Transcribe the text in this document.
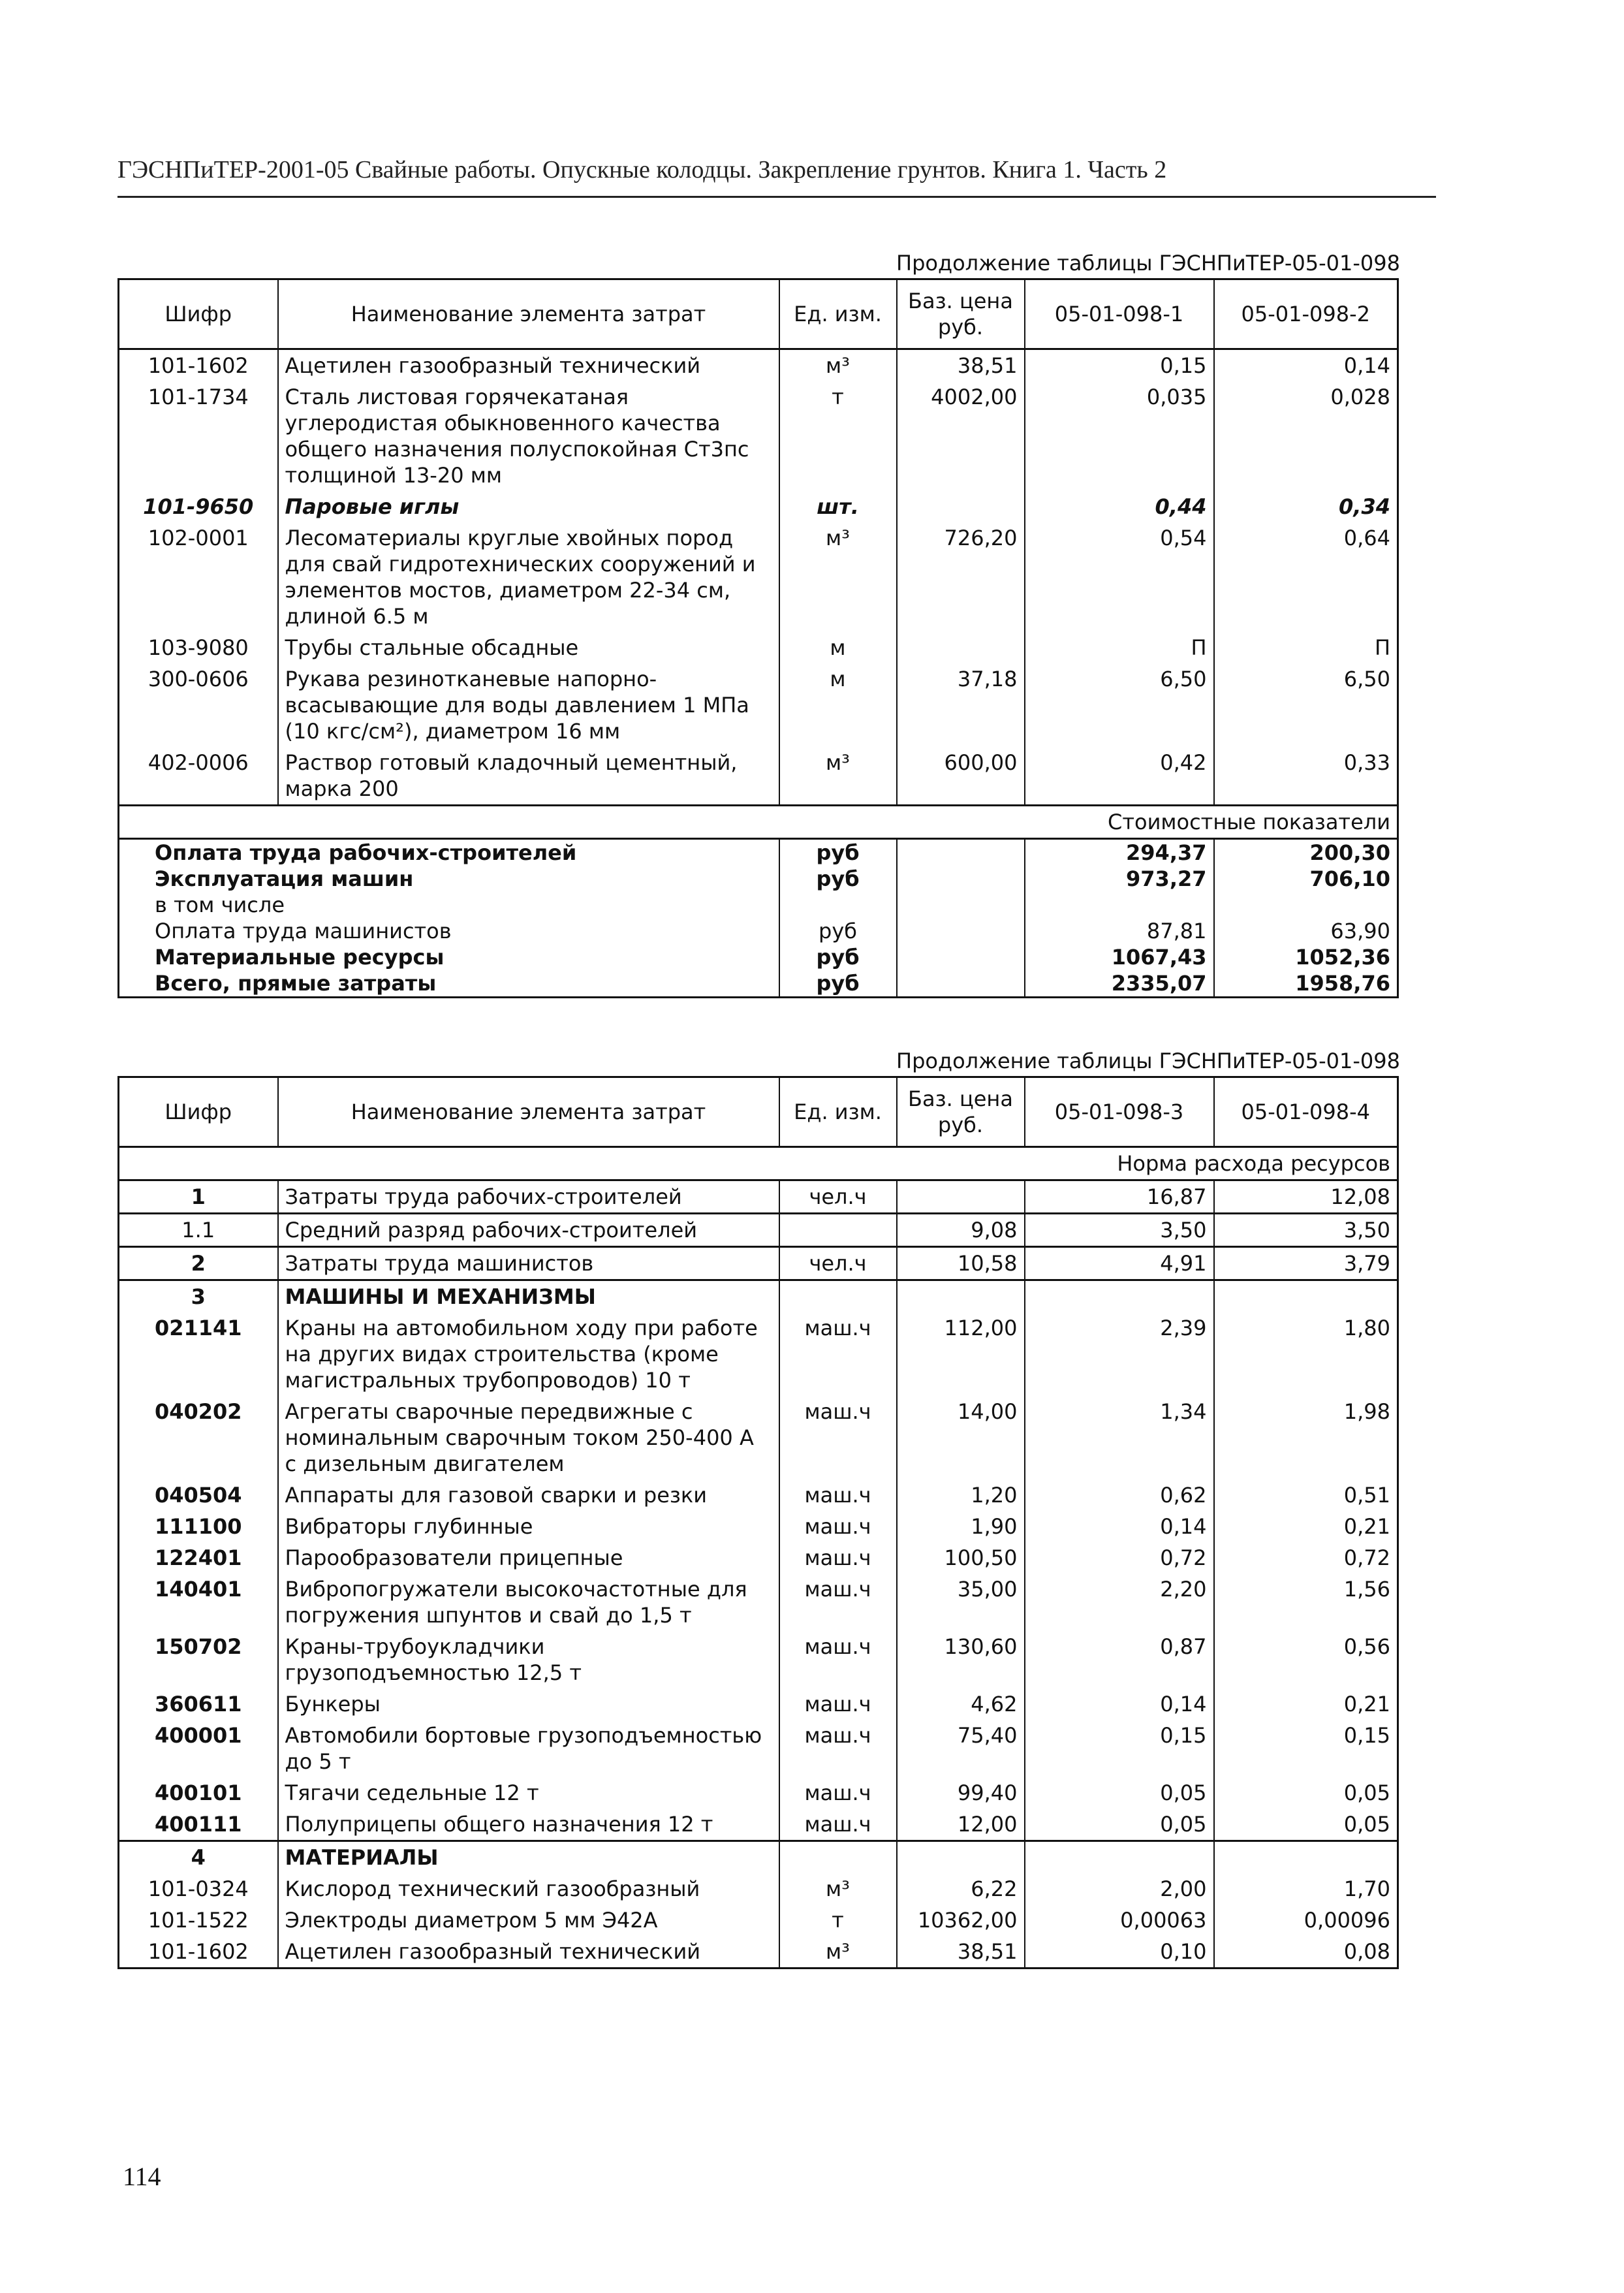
ГЭСНПиТЕР-2001-05 Свайные работы. Опускные колодцы. Закрепление грунтов. Книга 1. Часть 2
Продолжение таблицы ГЭСНПиТЕР-05-01-098
Шифр	Наименование элемента затрат	Ед. изм.	Баз. цена руб.	05-01-098-1	05-01-098-2
101-1602	Ацетилен газообразный технический	м³	38,51	0,15	0,14
101-1734	Сталь листовая горячекатаная углеродистая обыкновенного качества общего назначения полуспокойная Ст3пс толщиной 13-20 мм	т	4002,00	0,035	0,028
101-9650	Паровые иглы	шт.		0,44	0,34
102-0001	Лесоматериалы круглые хвойных пород для свай гидротехнических сооружений и элементов мостов, диаметром 22-34 см, длиной 6.5 м	м³	726,20	0,54	0,64
103-9080	Трубы стальные обсадные	м		П	П
300-0606	Рукава резинотканевые напорно-всасывающие для воды давлением 1 МПа (10 кгс/см²), диаметром 16 мм	м	37,18	6,50	6,50
402-0006	Раствор готовый кладочный цементный, марка 200	м³	600,00	0,42	0,33
Стоимостные показатели					
Оплата труда рабочих-строителей		руб		294,37	200,30
Эксплуатация машин		руб		973,27	706,10
в том числе					
Оплата труда машинистов		руб		87,81	63,90
Материальные ресурсы		руб		1067,43	1052,36
Всего, прямые затраты		руб		2335,07	1958,76
Продолжение таблицы ГЭСНПиТЕР-05-01-098
Шифр	Наименование элемента затрат	Ед. изм.	Баз. цена руб.	05-01-098-3	05-01-098-4
Норма расхода ресурсов					
1	Затраты труда рабочих-строителей	чел.ч		16,87	12,08
1.1	Средний разряд рабочих-строителей		9,08	3,50	3,50
2	Затраты труда машинистов	чел.ч	10,58	4,91	3,79
3	МАШИНЫ И МЕХАНИЗМЫ				
021141	Краны на автомобильном ходу при работе на других видах строительства (кроме магистральных трубопроводов) 10 т	маш.ч	112,00	2,39	1,80
040202	Агрегаты сварочные передвижные с номинальным сварочным током 250-400 А с дизельным двигателем	маш.ч	14,00	1,34	1,98
040504	Аппараты для газовой сварки и резки	маш.ч	1,20	0,62	0,51
111100	Вибраторы глубинные	маш.ч	1,90	0,14	0,21
122401	Парообразователи прицепные	маш.ч	100,50	0,72	0,72
140401	Вибропогружатели высокочастотные для погружения шпунтов и свай до 1,5 т	маш.ч	35,00	2,20	1,56
150702	Краны-трубоукладчики грузоподъемностью 12,5 т	маш.ч	130,60	0,87	0,56
360611	Бункеры	маш.ч	4,62	0,14	0,21
400001	Автомобили бортовые грузоподъемностью до 5 т	маш.ч	75,40	0,15	0,15
400101	Тягачи седельные 12 т	маш.ч	99,40	0,05	0,05
400111	Полуприцепы общего назначения 12 т	маш.ч	12,00	0,05	0,05
4	МАТЕРИАЛЫ				
101-0324	Кислород технический газообразный	м³	6,22	2,00	1,70
101-1522	Электроды диаметром 5 мм Э42А	т	10362,00	0,00063	0,00096
101-1602	Ацетилен газообразный технический	м³	38,51	0,10	0,08
114
